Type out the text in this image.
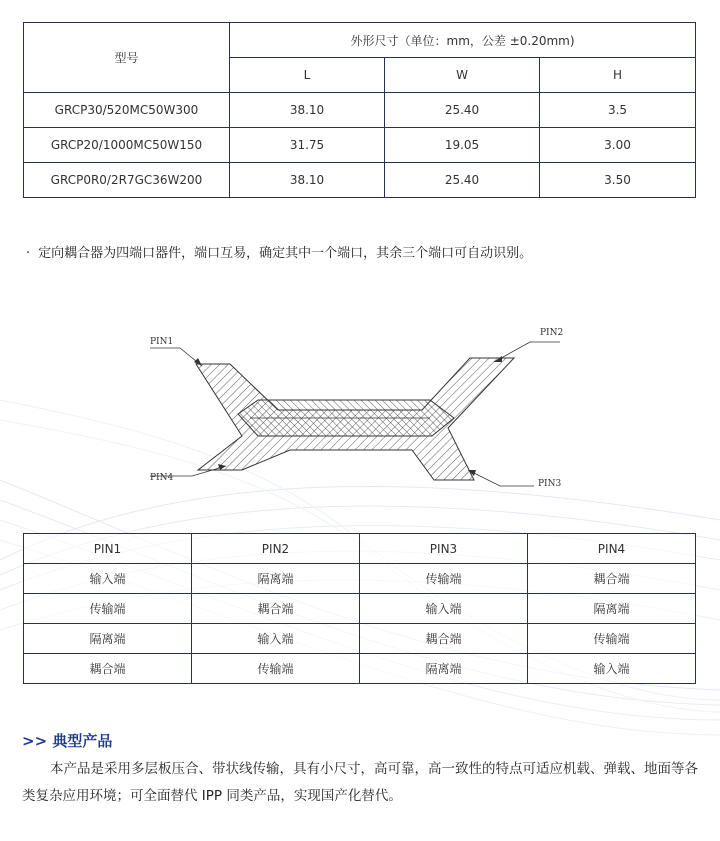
型号	外形尺寸（单位：mm，公差 ±0.20mm)		
	L	W	H
GRCP30/520MC50W300	38.10	25.40	3.5
GRCP20/1000MC50W150	31.75	19.05	3.00
GRCP0R0/2R7GC36W200	38.10	25.40	3.50
· 定向耦合器为四端口器件，端口互易，确定其中一个端口，其余三个端口可自动识别。
PIN1
PIN2
PIN3
PIN4
PIN1	PIN2	PIN3	PIN4
输入端	隔离端	传输端	耦合端
传输端	耦合端	输入端	隔离端
隔离端	输入端	耦合端	传输端
耦合端	传输端	隔离端	输入端
>> 典型产品
本产品是采用多层板压合、带状线传输，具有小尺寸，高可靠，高一致性的特点可适应机载、弹载、地面等各类复杂应用环境；可全面替代 IPP 同类产品，实现国产化替代。
